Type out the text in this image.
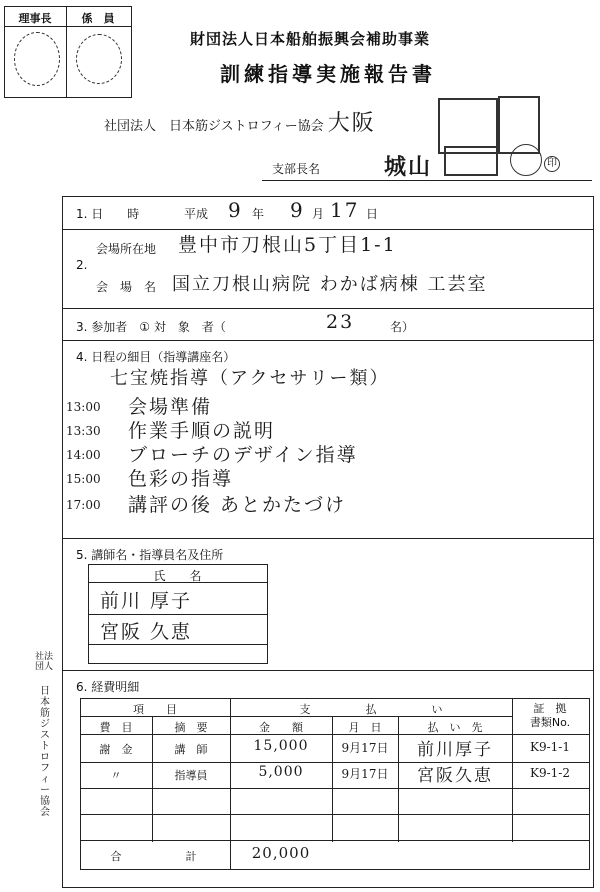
理事長	係　員
財団法人日本船舶振興会補助事業
訓練指導実施報告書
社団法人　日本筋ジストロフィー協会 大阪
支部長名	城山	印
1. 日　　時	平成 9 年 9 月 17 日
2.
会場所在地 豊中市刀根山5丁目1-1
会　場　名 国立刀根山病院 わかば病棟 工芸室
3. 参加者　① 対　象　者（	23	名）
4. 日程の細目（指導講座名）
七宝焼指導（アクセサリー類）
13:00 会場準備
13:30 作業手順の説明
14:00 ブローチのデザイン指導
15:00 色彩の指導
17:00 講評の後 あとかたづけ
5. 講師名・指導員名及住所
氏　　名
前川 厚子
宮阪 久恵
6. 経費明細
項　　目	支　　　　　払　　　　　い	証　拠
書類No.
費　目	摘　要	金　　額	月　日	払　い　先
謝　金	講　師	15,000	9月17日	前川厚子	K9-1-1
〃	指導員	5,000	9月17日	宮阪久恵	K9-1-2
合	計	20,000
社法団人
日本筋ジストロフィー協会
